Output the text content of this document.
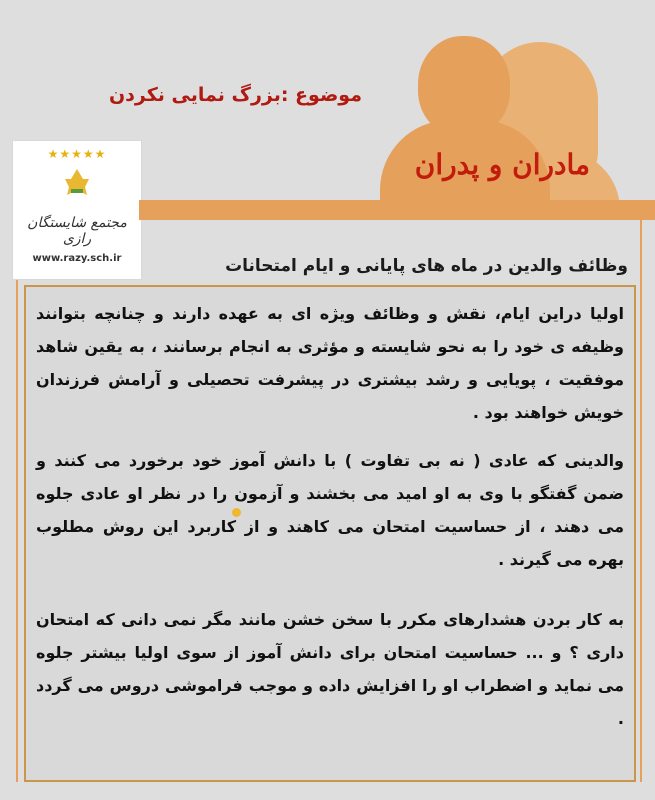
موضوع :بزرگ نمایی نکردن
★★★★★
مجتمع شایستگان رازی
www.razy.sch.ir
مادران و پدران
وظائف والدین در ماه های پایانی و ایام امتحانات
اولیا دراین ایام، نقش و وظائف ویژه ای به عهده دارند و چنانچه بتوانند وظیفه ی خود را به نحو شایسته و مؤثری به انجام برسانند ، به یقین شاهد موفقیت ، پویایی و رشد بیشتری در پیشرفت تحصیلی و آرامش فرزندان خویش خواهند بود .
والدینی که عادی ( نه بی تفاوت ) با دانش آموز خود برخورد می کنند و ضمن گفتگو با وی به او امید می بخشند و آزمون را در نظر او عادی جلوه می دهند ، از حساسیت امتحان می کاهند و از کاربرد این روش مطلوب بهره می گیرند .
به کار بردن هشدارهای مکرر با سخن خشن مانند مگر نمی دانی که امتحان داری ؟ و ... حساسیت امتحان برای دانش آموز از سوی اولیا بیشتر جلوه می نماید و اضطراب او را افزایش داده و موجب فراموشی دروس می گردد .
